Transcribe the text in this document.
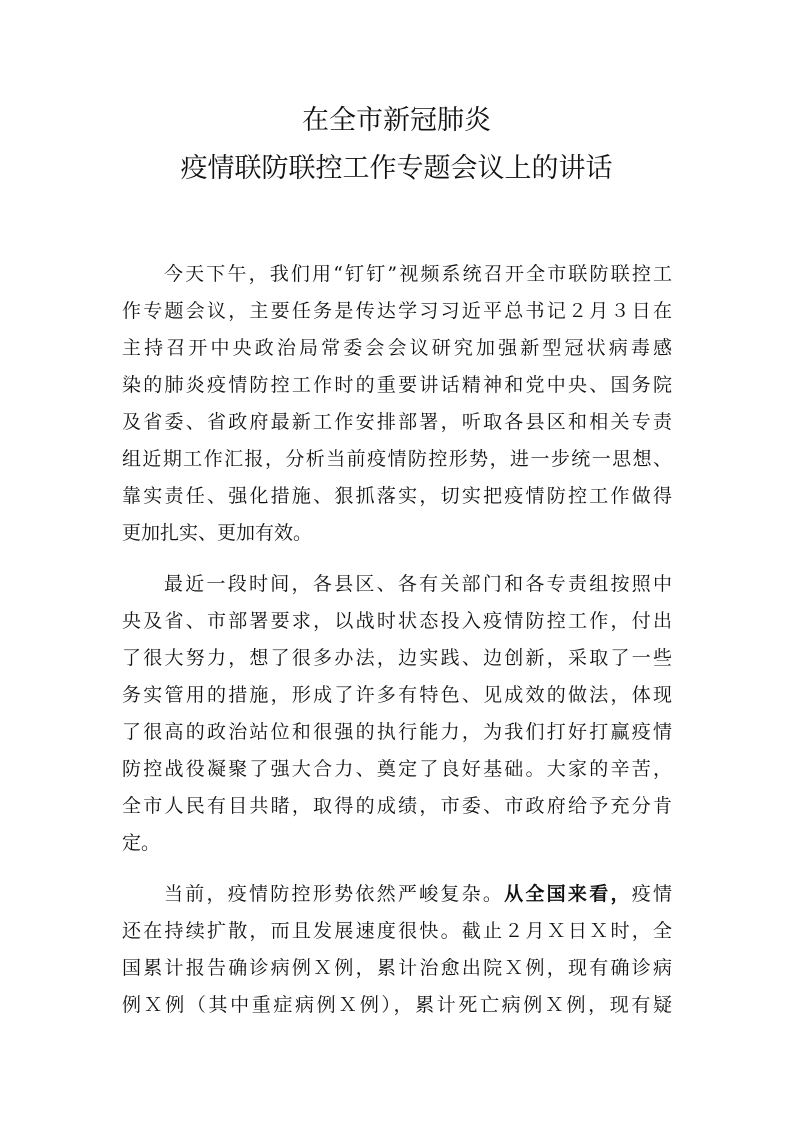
在全市新冠肺炎
疫情联防联控工作专题会议上的讲话
今天下午，我们用“钉钉”视频系统召开全市联防联控工
作专题会议，主要任务是传达学习习近平总书记２月３日在
主持召开中央政治局常委会会议研究加强新型冠状病毒感
染的肺炎疫情防控工作时的重要讲话精神和党中央、国务院
及省委、省政府最新工作安排部署，听取各县区和相关专责
组近期工作汇报，分析当前疫情防控形势，进一步统一思想、
靠实责任、强化措施、狠抓落实，切实把疫情防控工作做得
更加扎实、更加有效。
最近一段时间，各县区、各有关部门和各专责组按照中
央及省、市部署要求，以战时状态投入疫情防控工作，付出
了很大努力，想了很多办法，边实践、边创新，采取了一些
务实管用的措施，形成了许多有特色、见成效的做法，体现
了很高的政治站位和很强的执行能力，为我们打好打赢疫情
防控战役凝聚了强大合力、奠定了良好基础。大家的辛苦，
全市人民有目共睹，取得的成绩，市委、市政府给予充分肯
定。
当前，疫情防控形势依然严峻复杂。从全国来看，疫情
还在持续扩散，而且发展速度很快。截止２月Ｘ日Ｘ时，全
国累计报告确诊病例Ｘ例，累计治愈出院Ｘ例，现有确诊病
例Ｘ例（其中重症病例Ｘ例），累计死亡病例Ｘ例，现有疑
